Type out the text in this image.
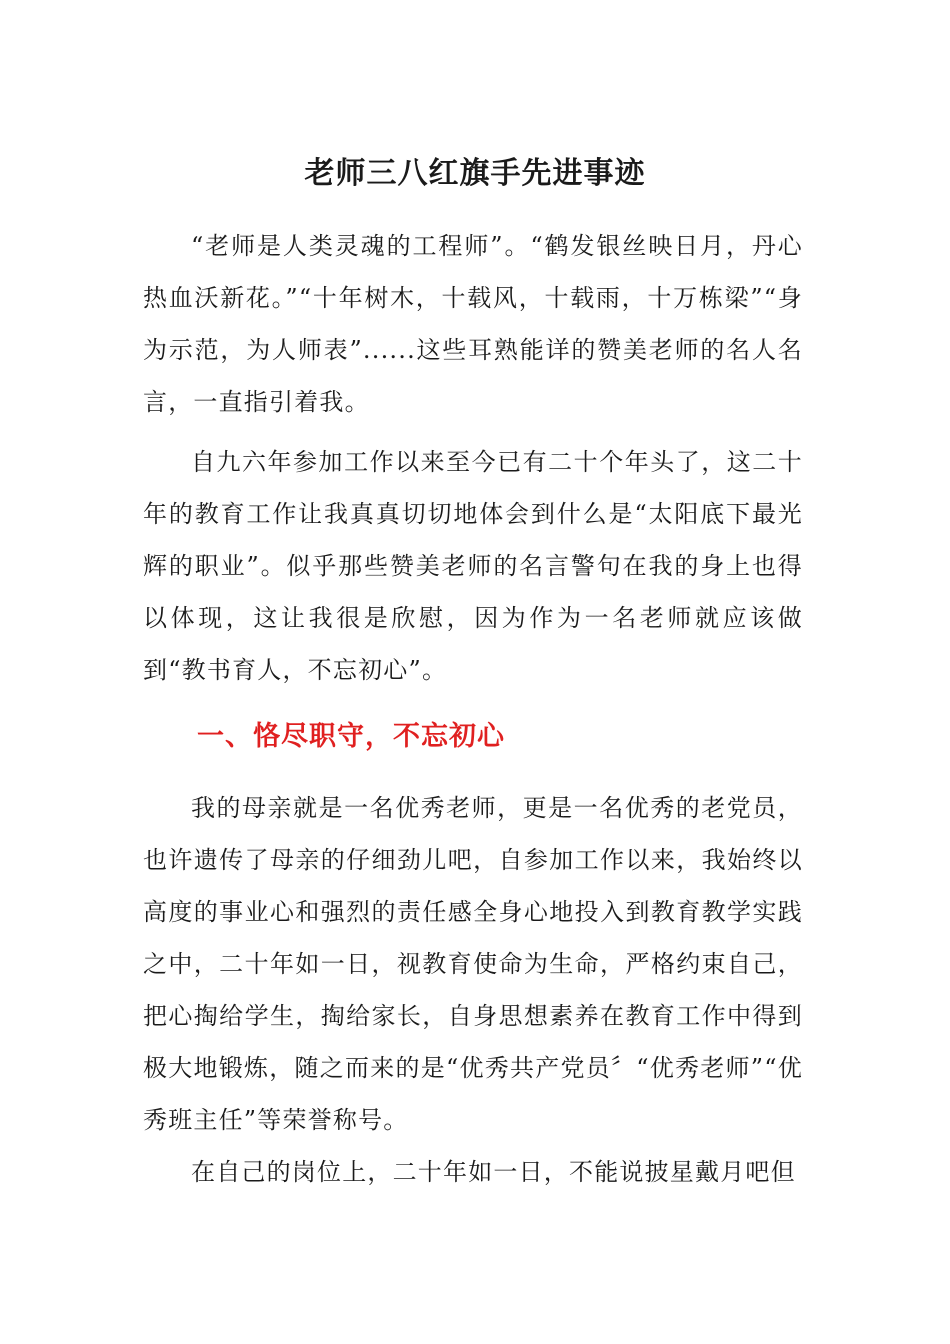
老师三八红旗手先进事迹

“老师是人类灵魂的工程师”。“鹤发银丝映日月，丹心热血沃新花。”“十年树木，十载风，十载雨，十万栋梁”“身为示范，为人师表”......这些耳熟能详的赞美老师的名人名言，一直指引着我。

自九六年参加工作以来至今已有二十个年头了，这二十年的教育工作让我真真切切地体会到什么是“太阳底下最光辉的职业”。似乎那些赞美老师的名言警句在我的身上也得以体现，这让我很是欣慰，因为作为一名老师就应该做到“教书育人，不忘初心”。

一、恪尽职守，不忘初心

我的母亲就是一名优秀老师，更是一名优秀的老党员，也许遗传了母亲的仔细劲儿吧，自参加工作以来，我始终以高度的事业心和强烈的责任感全身心地投入到教育教学实践之中，二十年如一日，视教育使命为生命，严格约束自己，把心掏给学生，掏给家长，自身思想素养在教育工作中得到极大地锻炼，随之而来的是“优秀共产党员〞“优秀老师”“优秀班主任”等荣誉称号。

在自己的岗位上，二十年如一日，不能说披星戴月吧但
